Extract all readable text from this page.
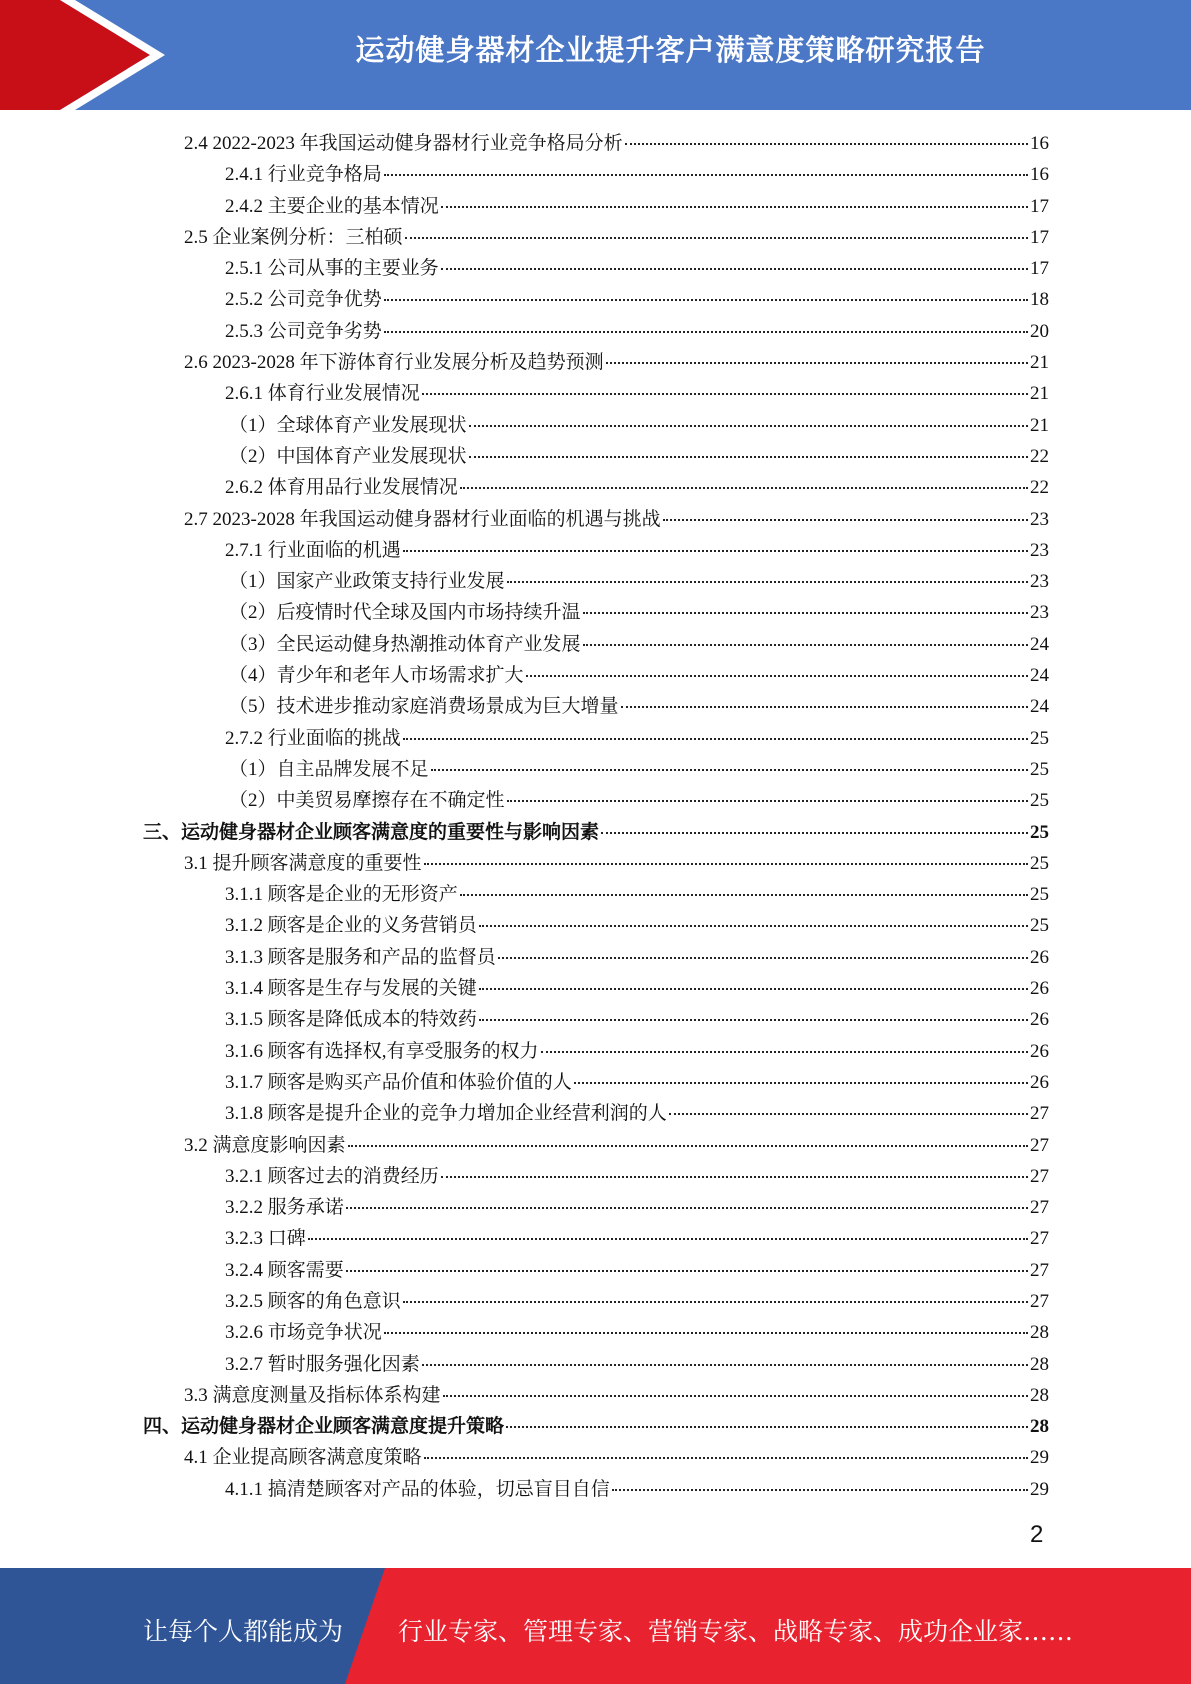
运动健身器材企业提升客户满意度策略研究报告
2.4 2022-2023 年我国运动健身器材行业竞争格局分析	16
2.4.1 行业竞争格局	16
2.4.2 主要企业的基本情况	17
2.5 企业案例分析：三柏硕	17
2.5.1 公司从事的主要业务	17
2.5.2 公司竞争优势	18
2.5.3 公司竞争劣势	20
2.6 2023-2028 年下游体育行业发展分析及趋势预测	21
2.6.1 体育行业发展情况	21
（1）全球体育产业发展现状	21
（2）中国体育产业发展现状	22
2.6.2 体育用品行业发展情况	22
2.7 2023-2028 年我国运动健身器材行业面临的机遇与挑战	23
2.7.1 行业面临的机遇	23
（1）国家产业政策支持行业发展	23
（2）后疫情时代全球及国内市场持续升温	23
（3）全民运动健身热潮推动体育产业发展	24
（4）青少年和老年人市场需求扩大	24
（5）技术进步推动家庭消费场景成为巨大增量	24
2.7.2 行业面临的挑战	25
（1）自主品牌发展不足	25
（2）中美贸易摩擦存在不确定性	25
三、运动健身器材企业顾客满意度的重要性与影响因素	25
3.1 提升顾客满意度的重要性	25
3.1.1 顾客是企业的无形资产	25
3.1.2 顾客是企业的义务营销员	25
3.1.3 顾客是服务和产品的监督员	26
3.1.4 顾客是生存与发展的关键	26
3.1.5 顾客是降低成本的特效药	26
3.1.6 顾客有选择权,有享受服务的权力	26
3.1.7 顾客是购买产品价值和体验价值的人	26
3.1.8 顾客是提升企业的竞争力增加企业经营利润的人	27
3.2 满意度影响因素	27
3.2.1 顾客过去的消费经历	27
3.2.2 服务承诺	27
3.2.3 口碑	27
3.2.4 顾客需要	27
3.2.5 顾客的角色意识	27
3.2.6 市场竞争状况	28
3.2.7 暂时服务强化因素	28
3.3 满意度测量及指标体系构建	28
四、运动健身器材企业顾客满意度提升策略	28
4.1 企业提高顾客满意度策略	29
4.1.1 搞清楚顾客对产品的体验，切忌盲目自信	29
2
让每个人都能成为 行业专家、管理专家、营销专家、战略专家、成功企业家……
